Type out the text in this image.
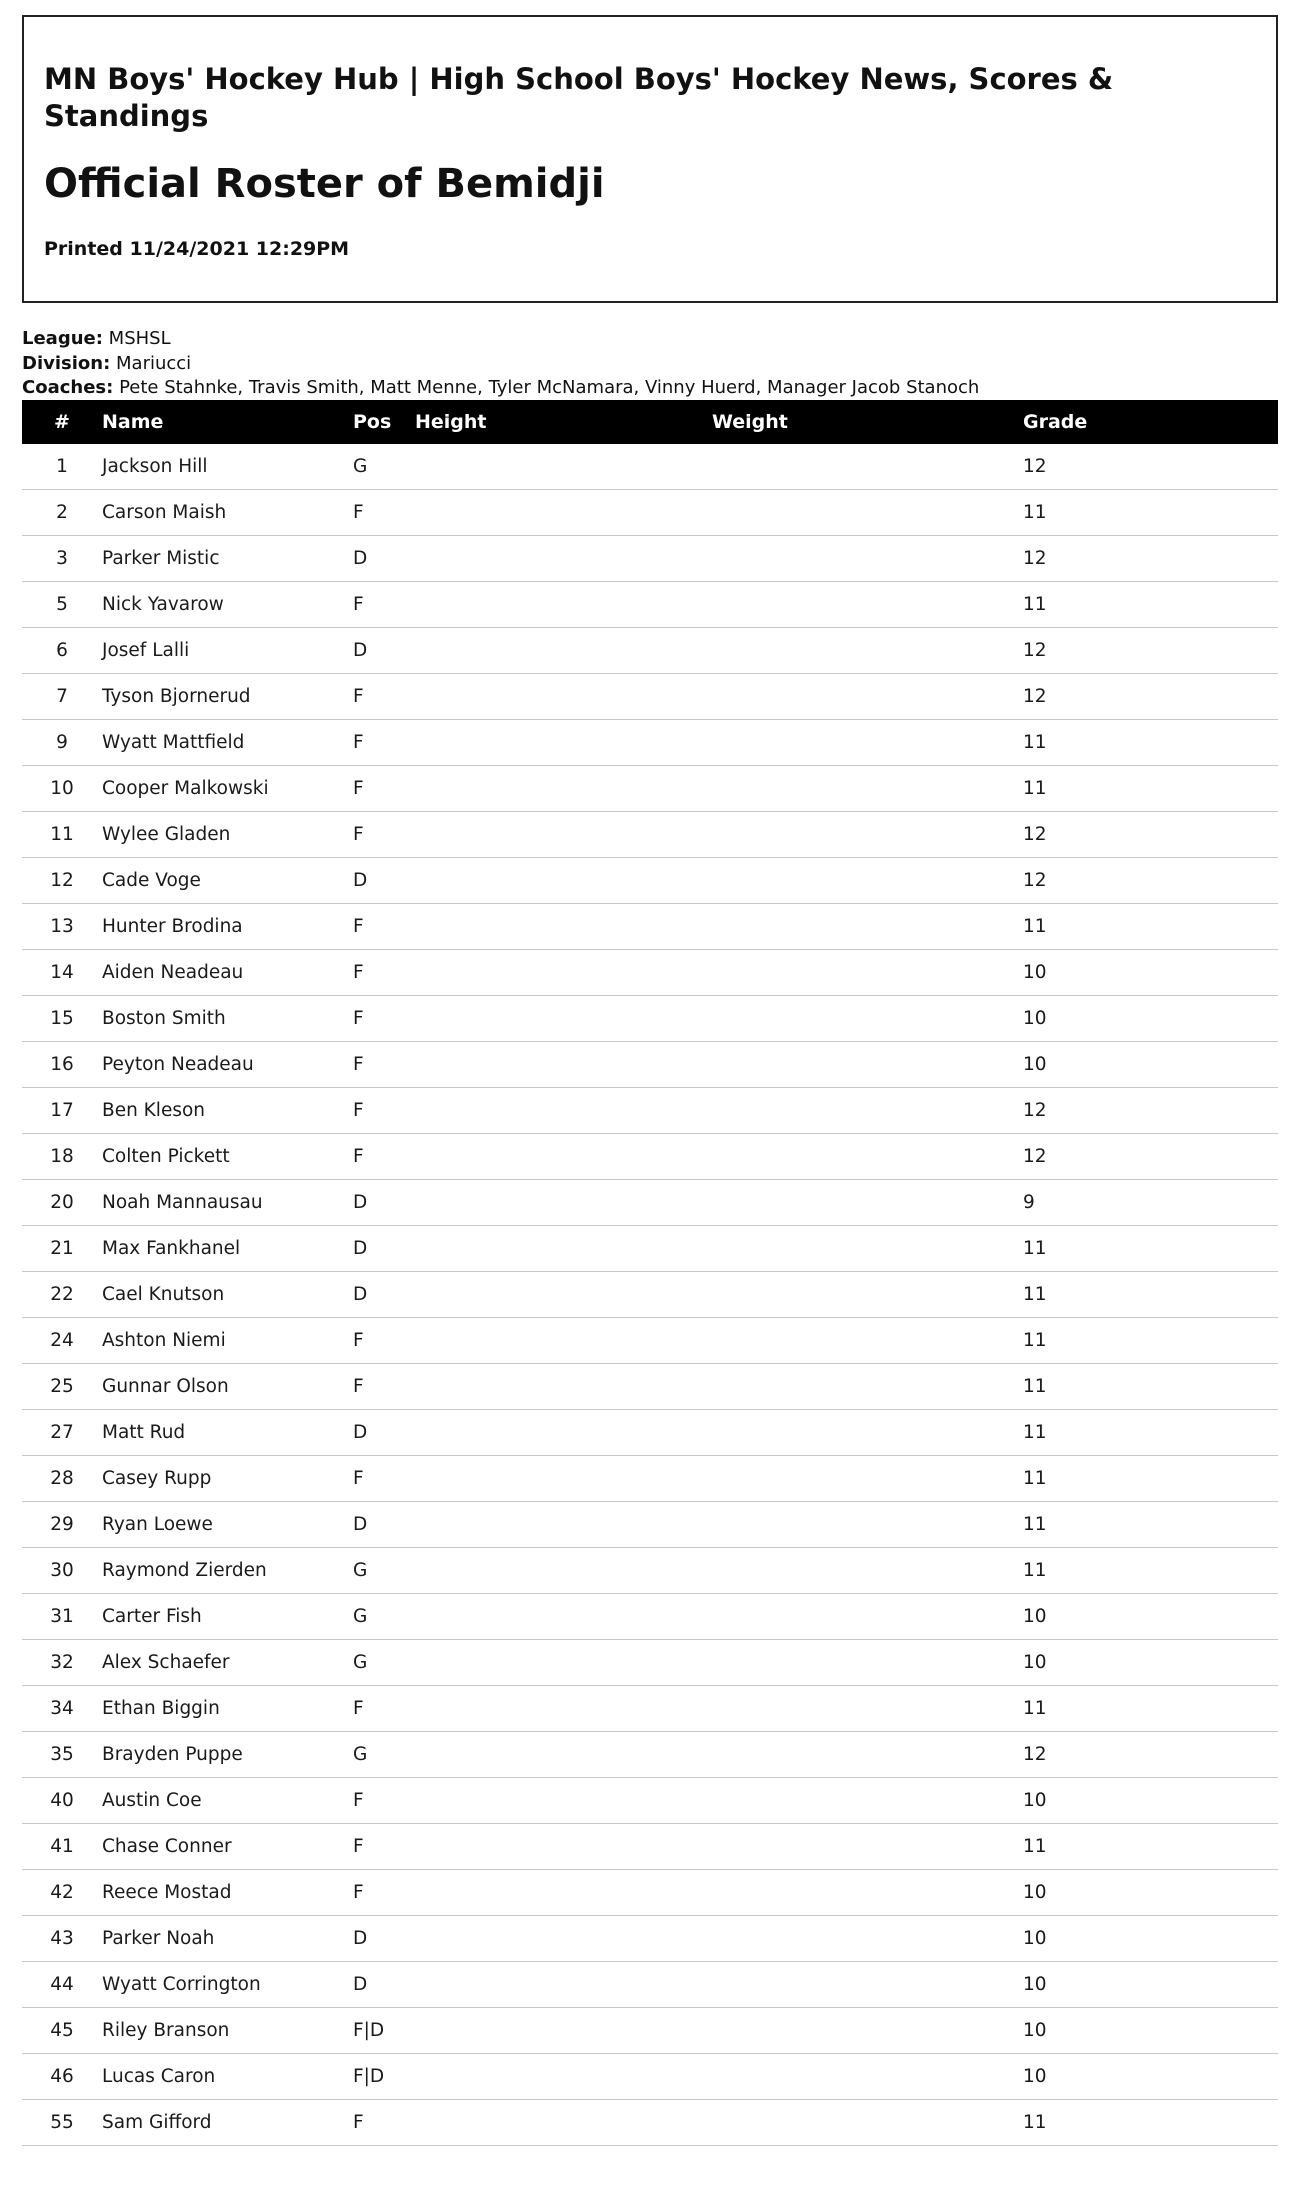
MN Boys' Hockey Hub | High School Boys' Hockey News, Scores & Standings
Official Roster of Bemidji

Printed 11/24/2021 12:29PM

League: MSHSL
Division: Mariucci
Coaches: Pete Stahnke, Travis Smith, Matt Menne, Tyler McNamara, Vinny Huerd, Manager Jacob Stanoch
#	Name	Pos	Height	Weight	Grade
1	Jackson Hill	G			12
2	Carson Maish	F			11
3	Parker Mistic	D			12
5	Nick Yavarow	F			11
6	Josef Lalli	D			12
7	Tyson Bjornerud	F			12
9	Wyatt Mattfield	F			11
10	Cooper Malkowski	F			11
11	Wylee Gladen	F			12
12	Cade Voge	D			12
13	Hunter Brodina	F			11
14	Aiden Neadeau	F			10
15	Boston Smith	F			10
16	Peyton Neadeau	F			10
17	Ben Kleson	F			12
18	Colten Pickett	F			12
20	Noah Mannausau	D			9
21	Max Fankhanel	D			11
22	Cael Knutson	D			11
24	Ashton Niemi	F			11
25	Gunnar Olson	F			11
27	Matt Rud	D			11
28	Casey Rupp	F			11
29	Ryan Loewe	D			11
30	Raymond Zierden	G			11
31	Carter Fish	G			10
32	Alex Schaefer	G			10
34	Ethan Biggin	F			11
35	Brayden Puppe	G			12
40	Austin Coe	F			10
41	Chase Conner	F			11
42	Reece Mostad	F			10
43	Parker Noah	D			10
44	Wyatt Corrington	D			10
45	Riley Branson	F|D			10
46	Lucas Caron	F|D			10
55	Sam Gifford	F			11
